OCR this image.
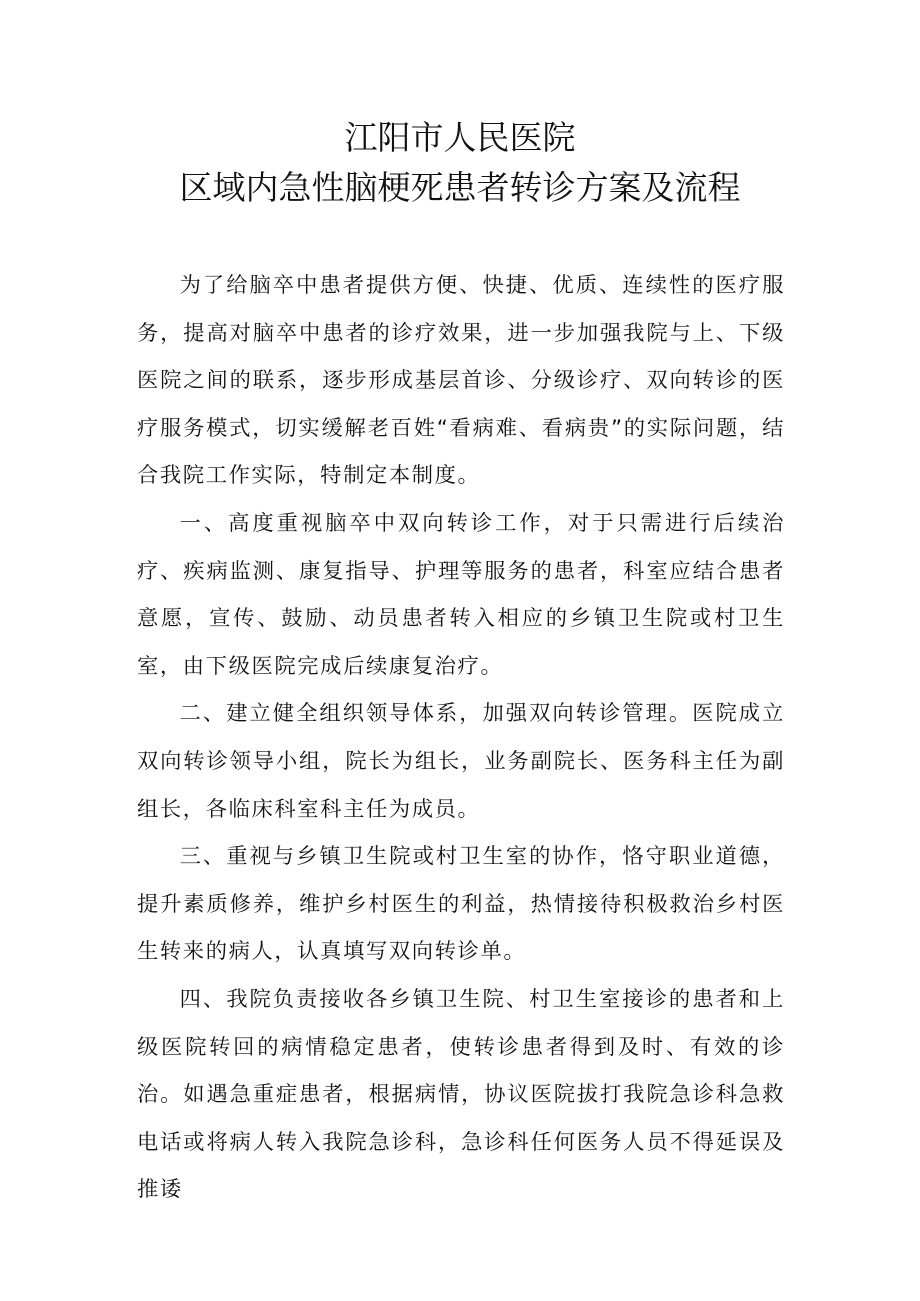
江阳市人民医院
区域内急性脑梗死患者转诊方案及流程

为了给脑卒中患者提供方便、快捷、优质、连续性的医疗服务，提高对脑卒中患者的诊疗效果，进一步加强我院与上、下级医院之间的联系，逐步形成基层首诊、分级诊疗、双向转诊的医疗服务模式，切实缓解老百姓“看病难、看病贵”的实际问题，结合我院工作实际，特制定本制度。

一、高度重视脑卒中双向转诊工作，对于只需进行后续治疗、疾病监测、康复指导、护理等服务的患者，科室应结合患者意愿，宣传、鼓励、动员患者转入相应的乡镇卫生院或村卫生室，由下级医院完成后续康复治疗。

二、建立健全组织领导体系，加强双向转诊管理。医院成立双向转诊领导小组，院长为组长，业务副院长、医务科主任为副组长，各临床科室科主任为成员。

三、重视与乡镇卫生院或村卫生室的协作，恪守职业道德，提升素质修养，维护乡村医生的利益，热情接待积极救治乡村医生转来的病人，认真填写双向转诊单。

四、我院负责接收各乡镇卫生院、村卫生室接诊的患者和上级医院转回的病情稳定患者，使转诊患者得到及时、有效的诊治。如遇急重症患者，根据病情，协议医院拔打我院急诊科急救电话或将病人转入我院急诊科，急诊科任何医务人员不得延误及推诿
